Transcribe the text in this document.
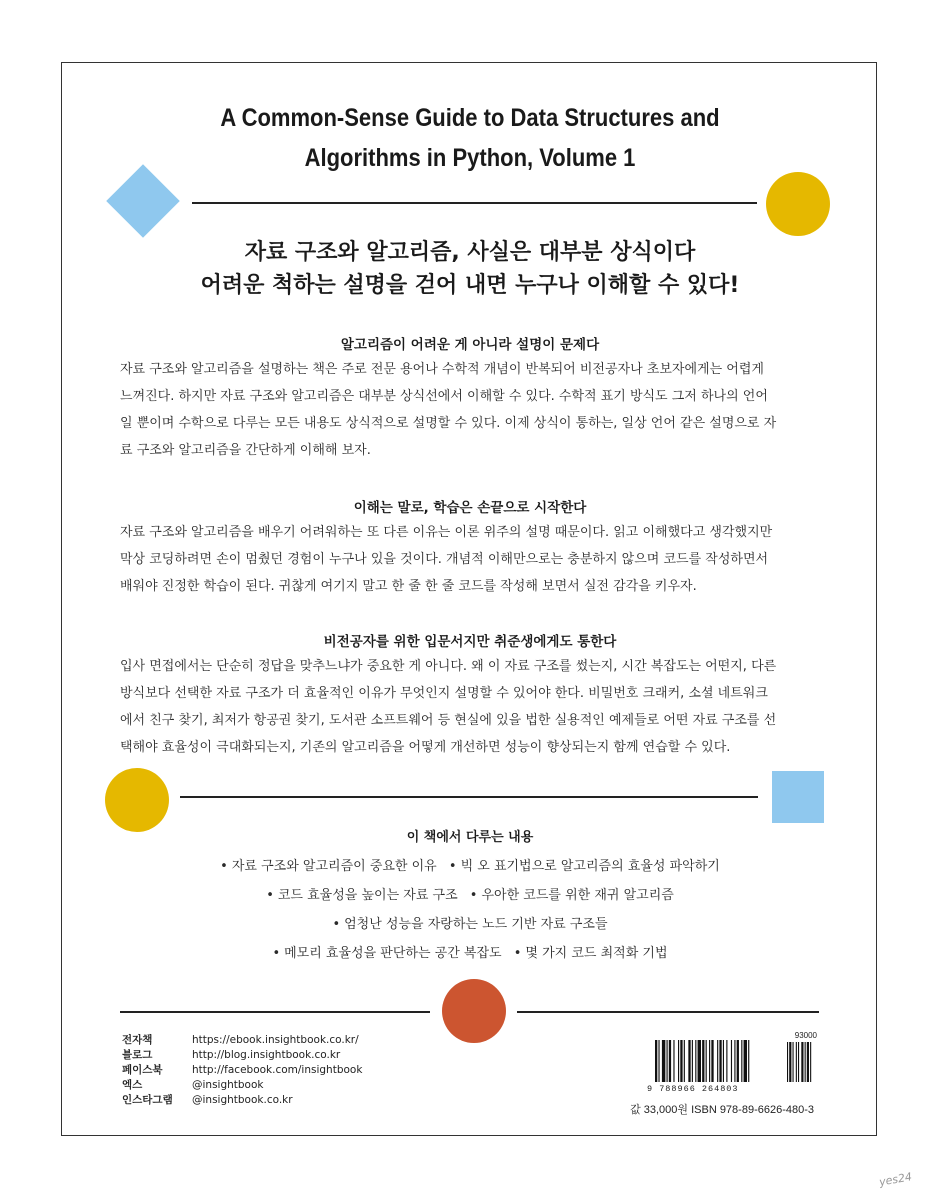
A Common-Sense Guide to Data Structures and
Algorithms in Python, Volume 1
자료 구조와 알고리즘, 사실은 대부분 상식이다
어려운 척하는 설명을 걷어 내면 누구나 이해할 수 있다!
알고리즘이 어려운 게 아니라 설명이 문제다
자료 구조와 알고리즘을 설명하는 책은 주로 전문 용어나 수학적 개념이 반복되어 비전공자나 초보자에게는 어렵게
느껴진다. 하지만 자료 구조와 알고리즘은 대부분 상식선에서 이해할 수 있다. 수학적 표기 방식도 그저 하나의 언어
일 뿐이며 수학으로 다루는 모든 내용도 상식적으로 설명할 수 있다. 이제 상식이 통하는, 일상 언어 같은 설명으로 자
료 구조와 알고리즘을 간단하게 이해해 보자.
이해는 말로, 학습은 손끝으로 시작한다
자료 구조와 알고리즘을 배우기 어려워하는 또 다른 이유는 이론 위주의 설명 때문이다. 읽고 이해했다고 생각했지만
막상 코딩하려면 손이 멈췄던 경험이 누구나 있을 것이다. 개념적 이해만으로는 충분하지 않으며 코드를 작성하면서
배워야 진정한 학습이 된다. 귀찮게 여기지 말고 한 줄 한 줄 코드를 작성해 보면서 실전 감각을 키우자.
비전공자를 위한 입문서지만 취준생에게도 통한다
입사 면접에서는 단순히 정답을 맞추느냐가 중요한 게 아니다. 왜 이 자료 구조를 썼는지, 시간 복잡도는 어떤지, 다른
방식보다 선택한 자료 구조가 더 효율적인 이유가 무엇인지 설명할 수 있어야 한다. 비밀번호 크래커, 소셜 네트워크
에서 친구 찾기, 최저가 항공권 찾기, 도서관 소프트웨어 등 현실에 있을 법한 실용적인 예제들로 어떤 자료 구조를 선
택해야 효율성이 극대화되는지, 기존의 알고리즘을 어떻게 개선하면 성능이 향상되는지 함께 연습할 수 있다.
이 책에서 다루는 내용
• 자료 구조와 알고리즘이 중요한 이유 • 빅 오 표기법으로 알고리즘의 효율성 파악하기
• 코드 효율성을 높이는 자료 구조 • 우아한 코드를 위한 재귀 알고리즘
• 엄청난 성능을 자랑하는 노드 기반 자료 구조들
• 메모리 효율성을 판단하는 공간 복잡도 • 몇 가지 코드 최적화 기법
전자책	https://ebook.insightbook.co.kr/
블로그	http://blog.insightbook.co.kr
페이스북	http://facebook.com/insightbook
엑스	@insightbook
인스타그램 @insightbook.co.kr
93000
9 788966 264803
값 33,000원 ISBN 978-89-6626-480-3
yes24
